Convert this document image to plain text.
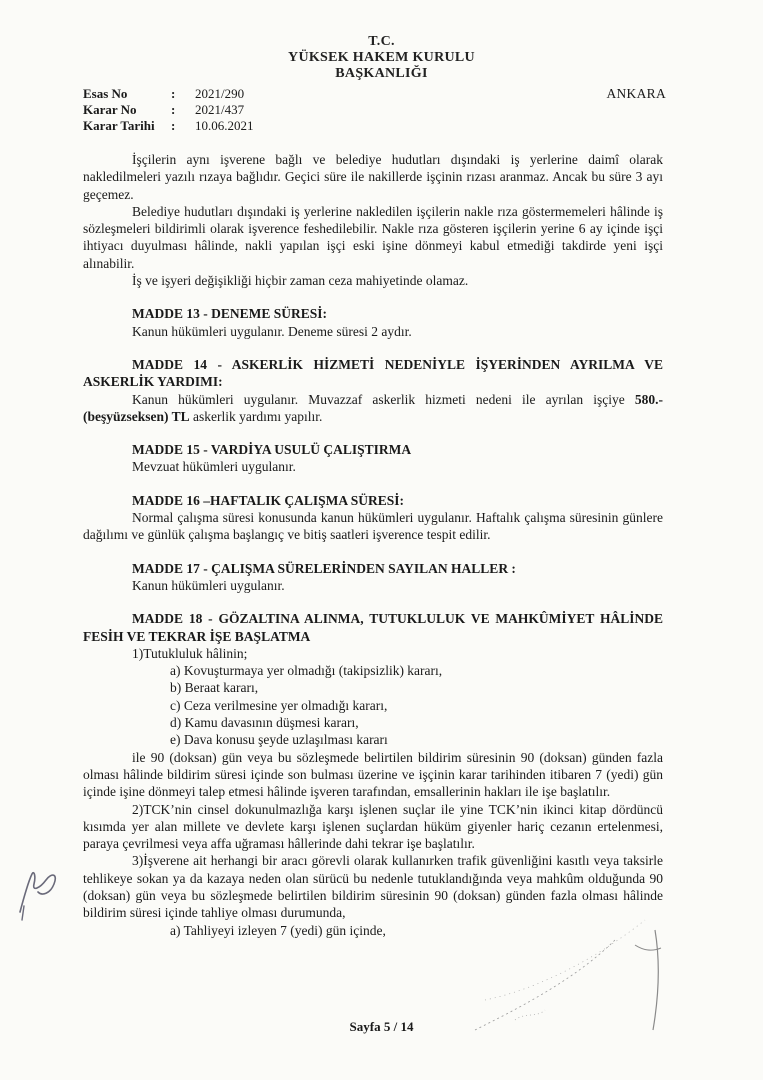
T.C.
YÜKSEK HAKEM KURULU
BAŞKANLIĞI
Esas No	:	2021/290
Karar No	:	2021/437
Karar Tarihi	:	10.06.2021
ANKARA

İşçilerin aynı işverene bağlı ve belediye hudutları dışındaki iş yerlerine daimî olarak nakledilmeleri yazılı rızaya bağlıdır. Geçici süre ile nakillerde işçinin rızası aranmaz. Ancak bu süre 3 ayı geçemez.

Belediye hudutları dışındaki iş yerlerine nakledilen işçilerin nakle rıza göstermemeleri hâlinde iş sözleşmeleri bildirimli olarak işverence feshedilebilir. Nakle rıza gösteren işçilerin yerine 6 ay içinde işçi ihtiyacı duyulması hâlinde, nakli yapılan işçi eski işine dönmeyi kabul etmediği takdirde yeni işçi alınabilir.

İş ve işyeri değişikliği hiçbir zaman ceza mahiyetinde olamaz.

MADDE 13 - DENEME SÜRESİ:

Kanun hükümleri uygulanır. Deneme süresi 2 aydır.

MADDE 14 - ASKERLİK HİZMETİ NEDENİYLE İŞYERİNDEN AYRILMA VE ASKERLİK YARDIMI:

Kanun hükümleri uygulanır. Muvazzaf askerlik hizmeti nedeni ile ayrılan işçiye 580.- (beşyüzseksen) TL askerlik yardımı yapılır.

MADDE 15 - VARDİYA USULÜ ÇALIŞTIRMA

Mevzuat hükümleri uygulanır.

MADDE 16 –HAFTALIK ÇALIŞMA SÜRESİ:

Normal çalışma süresi konusunda kanun hükümleri uygulanır. Haftalık çalışma süresinin günlere dağılımı ve günlük çalışma başlangıç ve bitiş saatleri işverence tespit edilir.

MADDE 17 - ÇALIŞMA SÜRELERİNDEN SAYILAN HALLER :

Kanun hükümleri uygulanır.

MADDE 18 - GÖZALTINA ALINMA, TUTUKLULUK VE MAHKÛMİYET HÂLİNDE FESİH VE TEKRAR İŞE BAŞLATMA

1)Tutukluluk hâlinin;

a) Kovuşturmaya yer olmadığı (takipsizlik) kararı,

b) Beraat kararı,

c) Ceza verilmesine yer olmadığı kararı,

d) Kamu davasının düşmesi kararı,

e) Dava konusu şeyde uzlaşılması kararı

ile 90 (doksan) gün veya bu sözleşmede belirtilen bildirim süresinin 90 (doksan) günden fazla olması hâlinde bildirim süresi içinde son bulması üzerine ve işçinin karar tarihinden itibaren 7 (yedi) gün içinde işine dönmeyi talep etmesi hâlinde işveren tarafından, emsallerinin hakları ile işe başlatılır.

2)TCK’nin cinsel dokunulmazlığa karşı işlenen suçlar ile yine TCK’nin ikinci kitap dördüncü kısımda yer alan millete ve devlete karşı işlenen suçlardan hüküm giyenler hariç cezanın ertelenmesi, paraya çevrilmesi veya affa uğraması hâllerinde dahi tekrar işe başlatılır.

3)İşverene ait herhangi bir aracı görevli olarak kullanırken trafik güvenliğini kasıtlı veya taksirle tehlikeye sokan ya da kazaya neden olan sürücü bu nedenle tutuklandığında veya mahkûm olduğunda 90 (doksan) gün veya bu sözleşmede belirtilen bildirim süresinin 90 (doksan) günden fazla olması hâlinde bildirim süresi içinde tahliye olması durumunda,

a) Tahliyeyi izleyen 7 (yedi) gün içinde,

Sayfa 5 / 14
